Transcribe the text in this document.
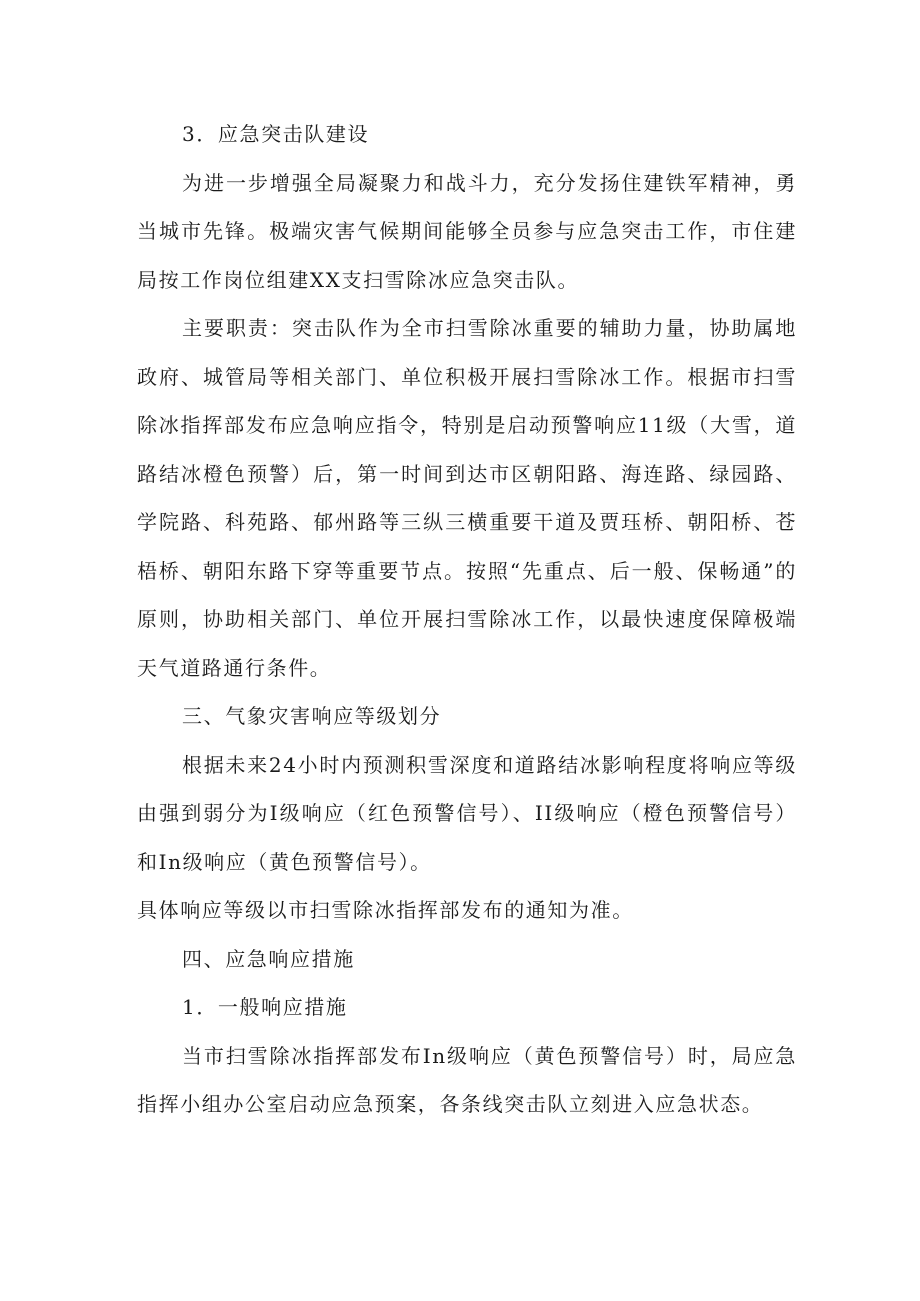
3．应急突击队建设

为进一步增强全局凝聚力和战斗力，充分发扬住建铁军精神，勇当城市先锋。极端灾害气候期间能够全员参与应急突击工作，市住建局按工作岗位组建XX支扫雪除冰应急突击队。

主要职责：突击队作为全市扫雪除冰重要的辅助力量，协助属地政府、城管局等相关部门、单位积极开展扫雪除冰工作。根据市扫雪除冰指挥部发布应急响应指令，特别是启动预警响应11级（大雪，道路结冰橙色预警）后，第一时间到达市区朝阳路、海连路、绿园路、学院路、科苑路、郁州路等三纵三横重要干道及贾珏桥、朝阳桥、苍梧桥、朝阳东路下穿等重要节点。按照“先重点、后一般、保畅通”的原则，协助相关部门、单位开展扫雪除冰工作，以最快速度保障极端天气道路通行条件。

三、气象灾害响应等级划分

根据未来24小时内预测积雪深度和道路结冰影响程度将响应等级由强到弱分为Ⅰ级响应（红色预警信号）、II级响应（橙色预警信号）和In级响应（黄色预警信号）。

具体响应等级以市扫雪除冰指挥部发布的通知为准。

四、应急响应措施

1．一般响应措施

当市扫雪除冰指挥部发布In级响应（黄色预警信号）时，局应急指挥小组办公室启动应急预案，各条线突击队立刻进入应急状态。
